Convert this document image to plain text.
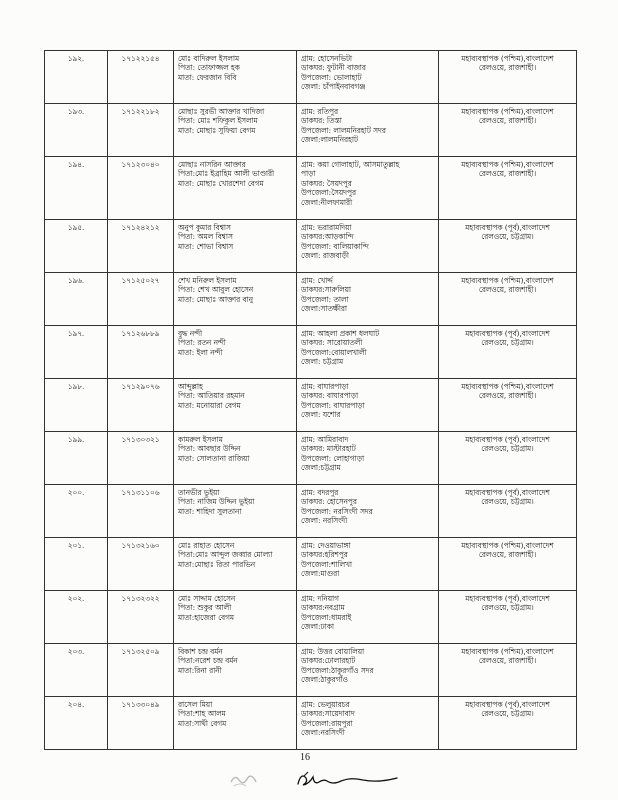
১৯২.	১৭১২২১৫৪	মোঃ বাদিরুল ইসলাম
পিতা: তোফাজ্জল হক
মাতা: ফেরজান বিবি	গ্রাম: হোসেনভিটা
ডাকঘর: ফুটানী বাজার
উপজেলা: ভোলাহাট
জেলা: চাঁপাইনবাবগঞ্জ	মহাব্যবস্থাপক (পশ্চিম),বাংলাদেশ
রেলওয়ে, রাজশাহী।

১৯৩.	১৭১২২১৮২	মোছাঃ সুরভী আক্তার খাদিজা
পিতা: মোঃ শফিকুল ইসলাম
মাতা: মোছাঃ সুফিয়া বেগম	গ্রাম: রতিপুর
ডাকঘর: তিস্তা
উপজেলা: লালমনিরহাট সদর
জেলা:লালমনিরহাট	মহাব্যবস্থাপক (পশ্চিম),বাংলাদেশ
রেলওয়ে, রাজশাহী।

১৯৪.	১৭১২৩০৪০	মোছাঃ নাসরিন আক্তার
পিতা:মোঃ ইব্রাহিম আলী ভাণ্ডারী
মাতা: মোছাঃ খোরশেদা বেগম	গ্রাম: কয়া গোলাহাট, আসমাতুল্লাহ
পাড়া
ডাকঘর: সৈয়দপুর
উপজেলা:সৈয়দপুর
জেলা:নীলফামারী	মহাব্যবস্থাপক (পশ্চিম),বাংলাদেশ
রেলওয়ে, রাজশাহী।

১৯৫.	১৭১২৪২১২	অনুপ কুমার বিশ্বাস
পিতা: অমল বিশ্বাস
মাতা: শোভা বিশ্বাস	গ্রাম: ভরারামদিয়া
ডাকঘর:আড়কান্দি
উপজেলা: বালিয়াকান্দি
জেলা: রাজবাড়ী	মহাব্যবস্থাপক (পূর্ব),বাংলাদেশ
রেলওয়ে, চট্টগ্রাম।

১৯৬.	১৭১২৫০২৭	শেখ মনিরুল ইসলাম
পিতা: শেখ আবুল হোসেন
মাতা: মোছাঃ আক্তার বানু	গ্রাম: খোর্দ্দ
ডাকঘর:সারুলিয়া
উপজেলা: তালা
জেলা:সাতক্ষীরা	মহাব্যবস্থাপক (পশ্চিম),বাংলাদেশ
রেলওয়ে, রাজশাহী।

১৯৭.	১৭১২৬৮৮৯	বুদ্ধ নন্দী
পিতা: রতন নন্দী
মাতা: ইলা নন্দী	গ্রাম: আহলা প্রকাশ ধলঘাট
ডাকঘর: সারোয়াতলী
উপজেলা:বোয়ালখালী
জেলা: চট্টগ্রাম	মহাব্যবস্থাপক (পূর্ব),বাংলাদেশ
রেলওয়ে, চট্টগ্রাম।

১৯৮.	১৭১২৯০৭৬	আব্দুল্লাহ
পিতা: আতিয়ার রহমান
মাতা: মনোয়ারা বেগম	গ্রাম: বাঘারপাড়া
ডাকঘর: বাঘারপাড়া
উপজেলা: বাঘারপাড়া
জেলা: যশোর	মহাব্যবস্থাপক (পশ্চিম),বাংলাদেশ
রেলওয়ে, রাজশাহী।

১৯৯.	১৭১৩০৩২১	কামরুল ইসলাম
পিতা: আবছার উদ্দিন
মাতা: সোলতানা রাজিয়া	গ্রাম: আমিরাবাদ
ডাকঘর: মাস্টারহাট
উপজেলা: লোহাগাড়া
জেলা:চট্টগ্রাম	মহাব্যবস্থাপক (পূর্ব),বাংলাদেশ
রেলওয়ে, চট্টগ্রাম।

২০০.	১৭১৩১১০৬	তানভীর ভুইয়া
পিতা: নাজিম উদ্দিন ভুইয়া
মাতা: শাহিদা সুলতানা	গ্রাম: বদরপুর
ডাকঘর: হোসেনপুর
উপজেলা: নরসিংদী সদর
জেলা: নরসিংদী	মহাব্যবস্থাপক (পূর্ব),বাংলাদেশ
রেলওয়ে, চট্টগ্রাম।

২০১.	১৭১৩২১৬০	মোঃ রাহাত হোসেন
পিতা:মোঃ আব্দুল জব্বার মোল্যা
মাতা:মোছাঃ রিতা পারভিন	গ্রাম: দেওয়াভাঙ্গা
ডাকঘর:হরিশপুর
উপজেলা:শালিখা
জেলা:মাগুরা	মহাব্যবস্থাপক (পশ্চিম),বাংলাদেশ
রেলওয়ে, রাজশাহী।

২০২.	১৭১৩২৩২২	মোঃ সাদ্দাম হোসেন
পিতা: শুকুর আলী
মাতা:হাজেরা বেগম	গ্রাম: দনিয়াগ
ডাকঘর:নবগ্রাম
উপজেলা:ধামরাই
জেলা:ঢাকা	মহাব্যবস্থাপক (পূর্ব),বাংলাদেশ
রেলওয়ে, চট্টগ্রাম।

২০৩.	১৭১৩২৫০৯	বিকাশ চন্দ্র বর্মন
পিতা:নরেশ চন্দ্র বর্মন
মাতা:রিনা রানী	গ্রাম: উত্তর বোয়ালিয়া
ডাকঘর:ঢোলারহাট
উপজেলা:ঠাকুরগাঁও সদর
জেলা:ঠাকুরগাঁও	মহাব্যবস্থাপক (পশ্চিম),বাংলাদেশ
রেলওয়ে, রাজশাহী।

২০৪.	১৭১৩৩০৪৯	রাসেল মিয়া
পিতা:শাহ আলম
মাতা:সাথী বেগম	গ্রাম: ভেলুয়ারচর
ডাকঘর:সায়েদাবাদ
উপজেলা:রায়পুরা
জেলা:নরসিংদী	মহাব্যবস্থাপক (পূর্ব),বাংলাদেশ
রেলওয়ে, চট্টগ্রাম।
16
